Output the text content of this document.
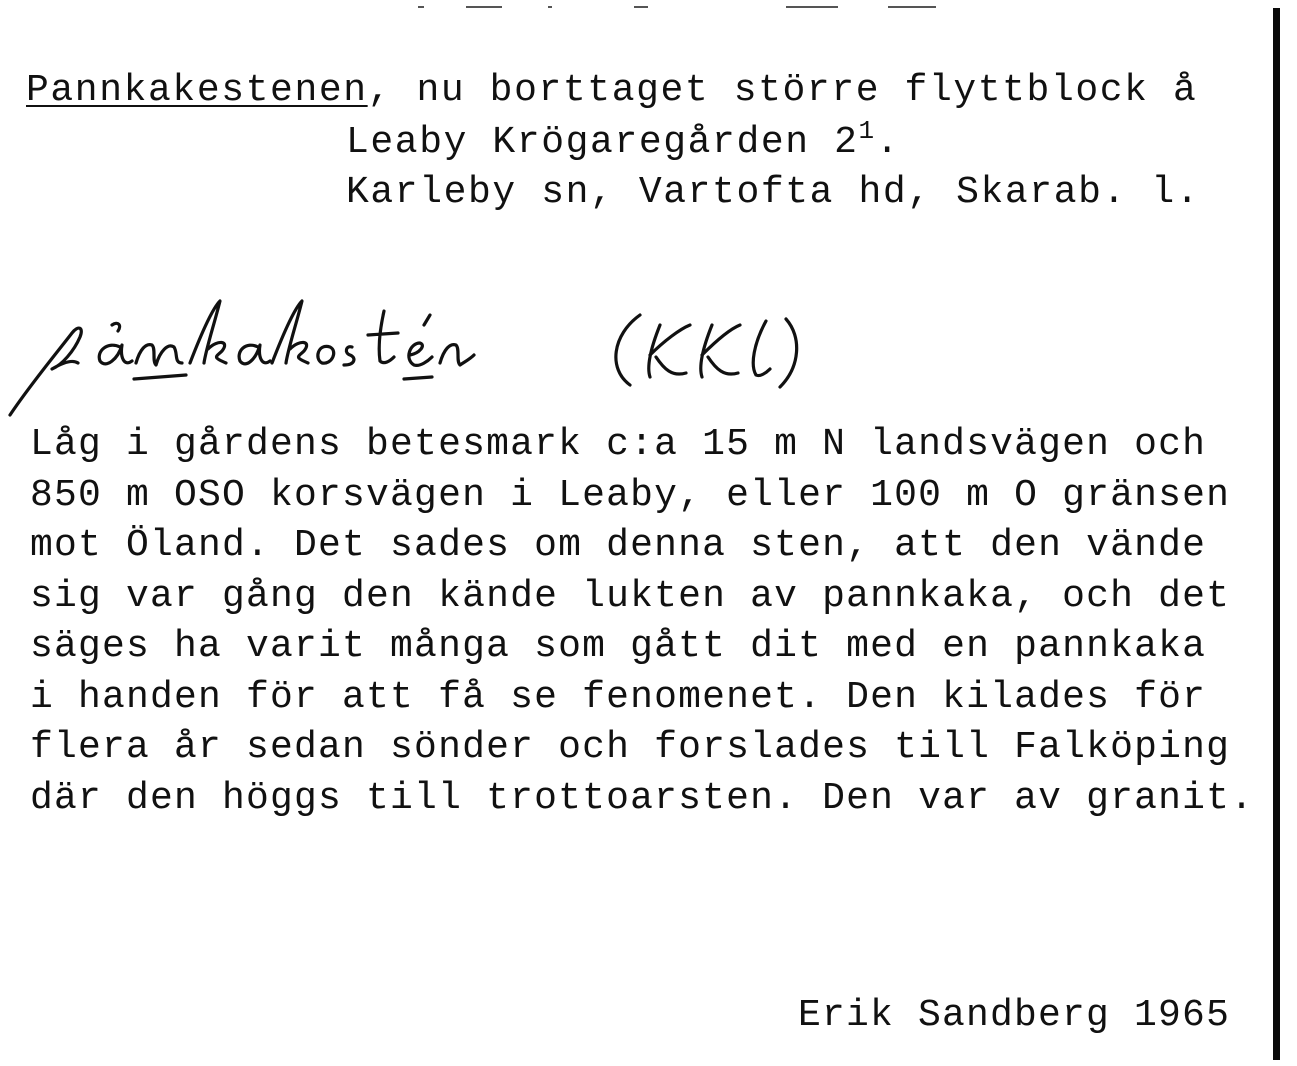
Pannkakestenen, nu borttaget större flyttblock å
Leaby Krögaregården $2^1$.
Karleby sn, Vartofta hd, Skarab. l.
Låg i gårdens betesmark c:a 15 m N landsvägen och
850 m OSO korsvägen i Leaby, eller 100 m O gränsen
mot Öland. Det sades om denna sten, att den vände
sig var gång den kände lukten av pannkaka, och det
säges ha varit många som gått dit med en pannkaka
i handen för att få se fenomenet. Den kilades för
flera år sedan sönder och forslades till Falköping
där den höggs till trottoarsten. Den var av granit.
Erik Sandberg 1965
